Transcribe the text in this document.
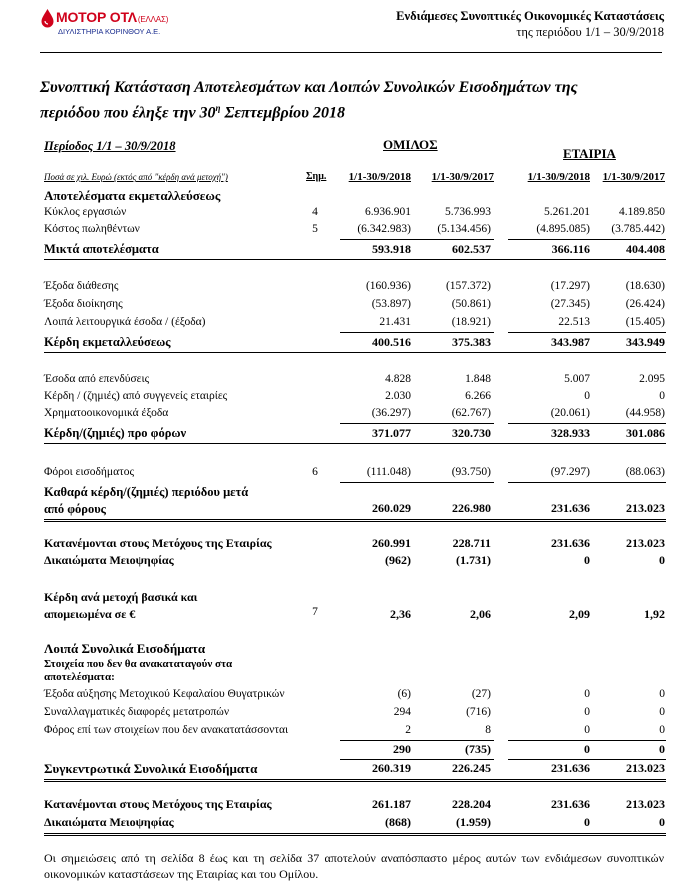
ΜΟΤΟΡ ΟΤΛ(ΕΛΛΑΣ)
ΔΙΥΛΙΣΤΗΡΙΑ ΚΟΡΙΝΘΟΥ Α.Ε.
Ενδιάμεσες Συνοπτικές Οικονομικές Καταστάσεις
της περιόδου 1/1 – 30/9/2018
Συνοπτική Κατάσταση Αποτελεσμάτων και Λοιπών Συνολικών Εισοδημάτων της
περιόδου που έληξε την $30^\eta$ Σεπτεμβρίου 2018
Περίοδος 1/1 – 30/9/2018	ΟΜΙΛΟΣ
ΕΤΑΙΡΙΑ
Ποσά σε χιλ. Ευρώ (εκτός από "κέρδη ανά μετοχή")	Σημ. 1/1-30/9/2018 1/1-30/9/2017	1/1-30/9/2018 1/1-30/9/2017
Αποτελέσματα εκμεταλλεύσεως
Κύκλος εργασιών	4	6.936.901	5.736.993	5.261.201	4.189.850
Κόστος πωληθέντων	5	(6.342.983) (5.134.456)	(4.895.085) (3.785.442)
Μικτά αποτελέσματα	593.918	602.537	366.116	404.408
Έξοδα διάθεσης	(160.936)	(157.372)	(17.297)	(18.630)
Έξοδα διοίκησης	(53.897)	(50.861)	(27.345)	(26.424)
Λοιπά λειτουργικά έσοδα / (έξοδα)	21.431	(18.921)	22.513	(15.405)
Κέρδη εκμεταλλεύσεως	400.516	375.383	343.987	343.949
Έσοδα από επενδύσεις	4.828	1.848	5.007	2.095
Κέρδη / (ζημιές) από συγγενείς εταιρίες	2.030	6.266	0	0
Χρηματοοικονομικά έξοδα	(36.297)	(62.767)	(20.061)	(44.958)
Κέρδη/(ζημιές) προ φόρων	371.077	320.730	328.933	301.086
Φόροι εισοδήματος	6	(111.048)	(93.750)	(97.297)	(88.063)
Καθαρά κέρδη/(ζημιές) περιόδου μετά
από φόρους	260.029	226.980	231.636	213.023
Κατανέμονται στους Μετόχους της Εταιρίας	260.991	228.711	231.636	213.023
Δικαιώματα Μειοψηφίας	(962)	(1.731)	0	0
Κέρδη ανά μετοχή βασικά και
απομειωμένα σε €	7	2,36	2,06	2,09	1,92
Λοιπά Συνολικά Εισοδήματα
Στοιχεία που δεν θα ανακαταταγούν στα
αποτελέσματα:
Έξοδα αύξησης Μετοχικού Κεφαλαίου Θυγατρικών	(6)	(27)	0	0
Συναλλαγματικές διαφορές μετατροπών	294	(716)	0	0
Φόρος επί των στοιχείων που δεν ανακατατάσσονται	2	8	0	0
290	(735)	0	0
Συγκεντρωτικά Συνολικά Εισοδήματα	260.319	226.245	231.636	213.023
Κατανέμονται στους Μετόχους της Εταιρίας	261.187	228.204	231.636	213.023
Δικαιώματα Μειοψηφίας	(868)	(1.959)	0	0
Οι σημειώσεις από τη σελίδα 8 έως και τη σελίδα 37 αποτελούν αναπόσπαστο μέρος αυτών των ενδιάμεσων συνοπτικών οικονομικών καταστάσεων της Εταιρίας και του Ομίλου.
